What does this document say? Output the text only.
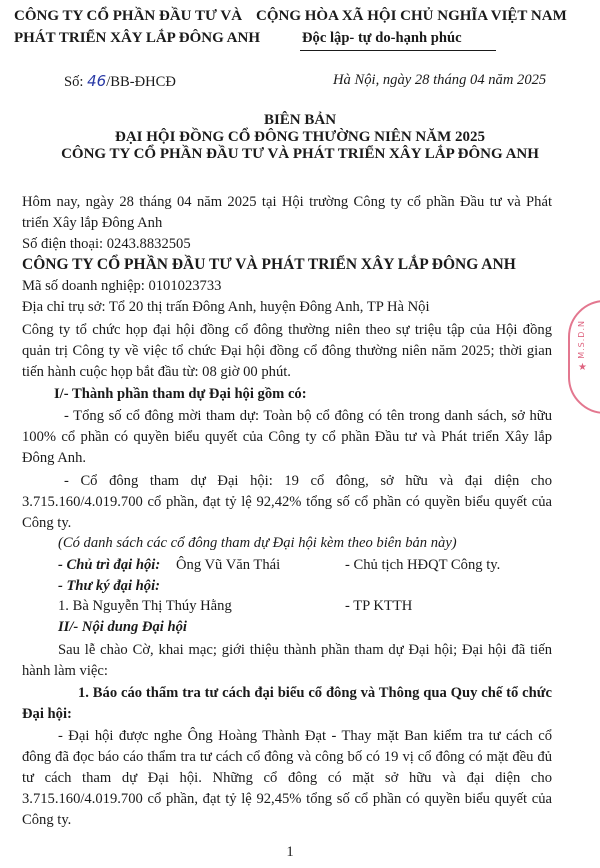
CÔNG TY CỔ PHẦN ĐẦU TƯ VÀ
PHÁT TRIỂN XÂY LẮP ĐÔNG ANH
CỘNG HÒA XÃ HỘI CHỦ NGHĨA VIỆT NAM
Độc lập- tự do-hạnh phúc
Số: 46/BB-ĐHCĐ	Hà Nội, ngày 28 tháng 04 năm 2025
BIÊN BẢN
ĐẠI HỘI ĐỒNG CỔ ĐÔNG THƯỜNG NIÊN NĂM 2025
CÔNG TY CỔ PHẦN ĐẦU TƯ VÀ PHÁT TRIỂN XÂY LẮP ĐÔNG ANH
Hôm nay, ngày 28 tháng 04 năm 2025 tại Hội trường Công ty cổ phần Đầu tư và Phát triển Xây lắp Đông Anh
Số điện thoại: 0243.8832505
CÔNG TY CỔ PHẦN ĐẦU TƯ VÀ PHÁT TRIỂN XÂY LẮP ĐÔNG ANH
Mã số doanh nghiệp: 0101023733
Địa chỉ trụ sở: Tổ 20 thị trấn Đông Anh, huyện Đông Anh, TP Hà Nội
Công ty tổ chức họp đại hội đồng cổ đông thường niên theo sự triệu tập của Hội đồng quản trị Công ty về việc tổ chức Đại hội đồng cổ đông thường niên năm 2025; thời gian tiến hành cuộc họp bắt đầu từ: 08 giờ 00 phút.
I/- Thành phần tham dự Đại hội gồm có:
- Tổng số cổ đông mời tham dự: Toàn bộ cổ đông có tên trong danh sách, sở hữu 100% cổ phần có quyền biểu quyết của Công ty cổ phần Đầu tư và Phát triển Xây lắp Đông Anh.
- Cổ đông tham dự Đại hội: 19 cổ đông, sở hữu và đại diện cho 3.715.160/4.019.700 cổ phần, đạt tỷ lệ 92,42% tổng số cổ phần có quyền biểu quyết của Công ty.
(Có danh sách các cổ đông tham dự Đại hội kèm theo biên bản này)
- Chủ trì đại hội: Ông Vũ Văn Thái	- Chủ tịch HĐQT Công ty.
- Thư ký đại hội:
1. Bà Nguyễn Thị Thúy Hằng	- TP KTTH
II/- Nội dung Đại hội
Sau lễ chào Cờ, khai mạc; giới thiệu thành phần tham dự Đại hội; Đại hội đã tiến hành làm việc:
1. Báo cáo thẩm tra tư cách đại biểu cổ đông và Thông qua Quy chế tổ chức Đại hội:
- Đại hội được nghe Ông Hoàng Thành Đạt - Thay mặt Ban kiểm tra tư cách cổ đông đã đọc báo cáo thẩm tra tư cách cổ đông và công bố có 19 vị cổ đông có mặt đều đủ tư cách tham dự Đại hội. Những cổ đông có mặt sở hữu và đại diện cho 3.715.160/4.019.700 cổ phần, đạt tỷ lệ 92,45% tổng số cổ phần có quyền biểu quyết của Công ty.
M.S.D.N
★
1
